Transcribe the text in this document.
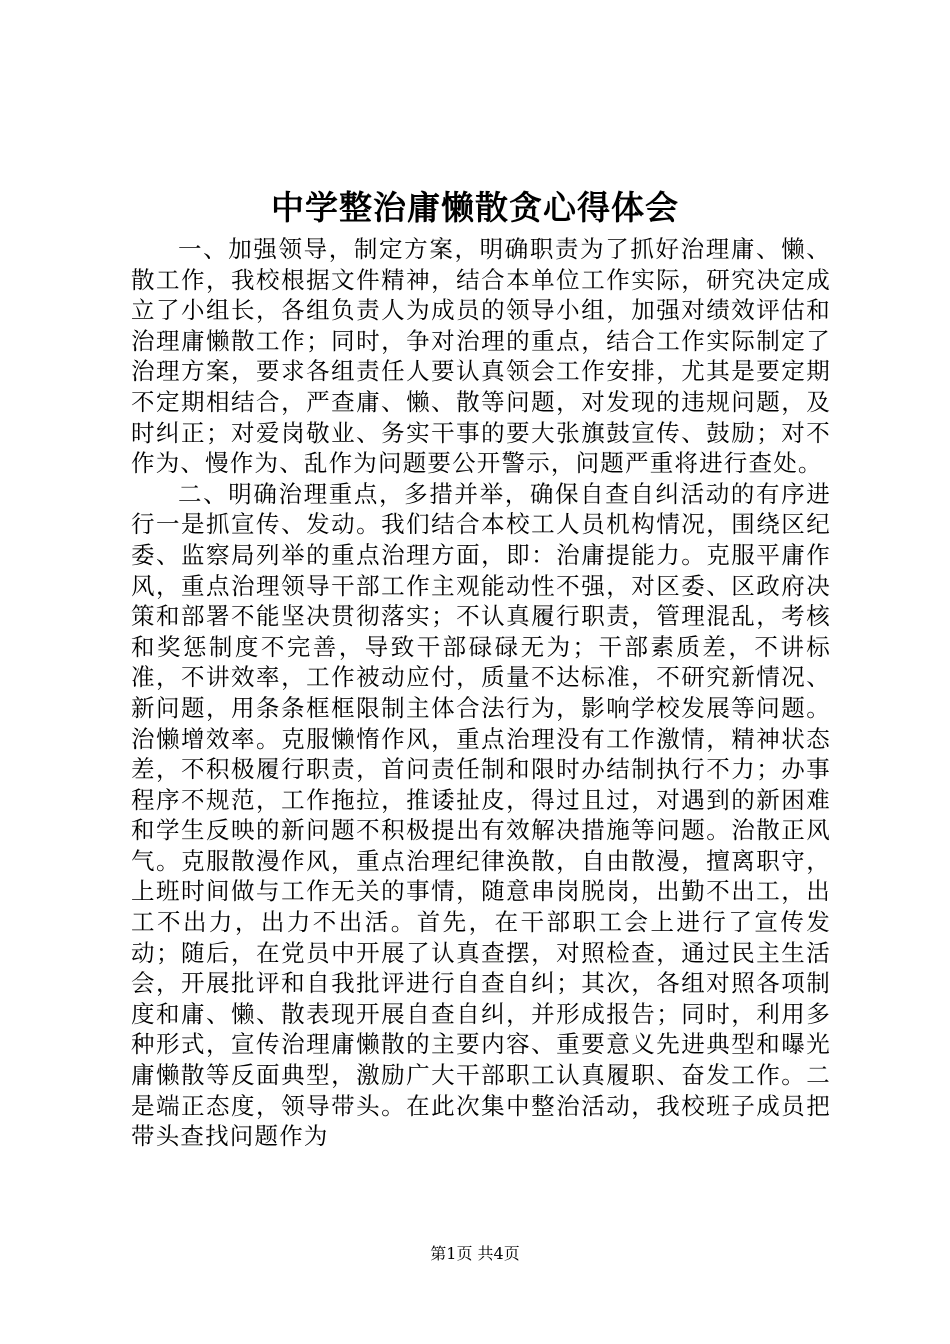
中学整治庸懒散贪心得体会

一、加强领导，制定方案，明确职责为了抓好治理庸、懒、散工作，我校根据文件精神，结合本单位工作实际，研究决定成立了小组长，各组负责人为成员的领导小组，加强对绩效评估和治理庸懒散工作；同时，争对治理的重点，结合工作实际制定了治理方案，要求各组责任人要认真领会工作安排，尤其是要定期不定期相结合，严查庸、懒、散等问题，对发现的违规问题，及时纠正；对爱岗敬业、务实干事的要大张旗鼓宣传、鼓励；对不作为、慢作为、乱作为问题要公开警示，问题严重将进行查处。

二、明确治理重点，多措并举，确保自查自纠活动的有序进行一是抓宣传、发动。我们结合本校工人员机构情况，围绕区纪委、监察局列举的重点治理方面，即：治庸提能力。克服平庸作风，重点治理领导干部工作主观能动性不强，对区委、区政府决策和部署不能坚决贯彻落实；不认真履行职责，管理混乱，考核和奖惩制度不完善，导致干部碌碌无为；干部素质差，不讲标准，不讲效率，工作被动应付，质量不达标准，不研究新情况、新问题，用条条框框限制主体合法行为，影响学校发展等问题。治懒增效率。克服懒惰作风，重点治理没有工作激情，精神状态差，不积极履行职责，首问责任制和限时办结制执行不力；办事程序不规范，工作拖拉，推诿扯皮，得过且过，对遇到的新困难和学生反映的新问题不积极提出有效解决措施等问题。治散正风气。克服散漫作风，重点治理纪律涣散，自由散漫，擅离职守，上班时间做与工作无关的事情，随意串岗脱岗，出勤不出工，出工不出力，出力不出活。首先，在干部职工会上进行了宣传发动；随后，在党员中开展了认真查摆，对照检查，通过民主生活会，开展批评和自我批评进行自查自纠；其次，各组对照各项制度和庸、懒、散表现开展自查自纠，并形成报告；同时，利用多种形式，宣传治理庸懒散的主要内容、重要意义先进典型和曝光庸懒散等反面典型，激励广大干部职工认真履职、奋发工作。二是端正态度，领导带头。在此次集中整治活动，我校班子成员把带头查找问题作为

第1页 共4页
